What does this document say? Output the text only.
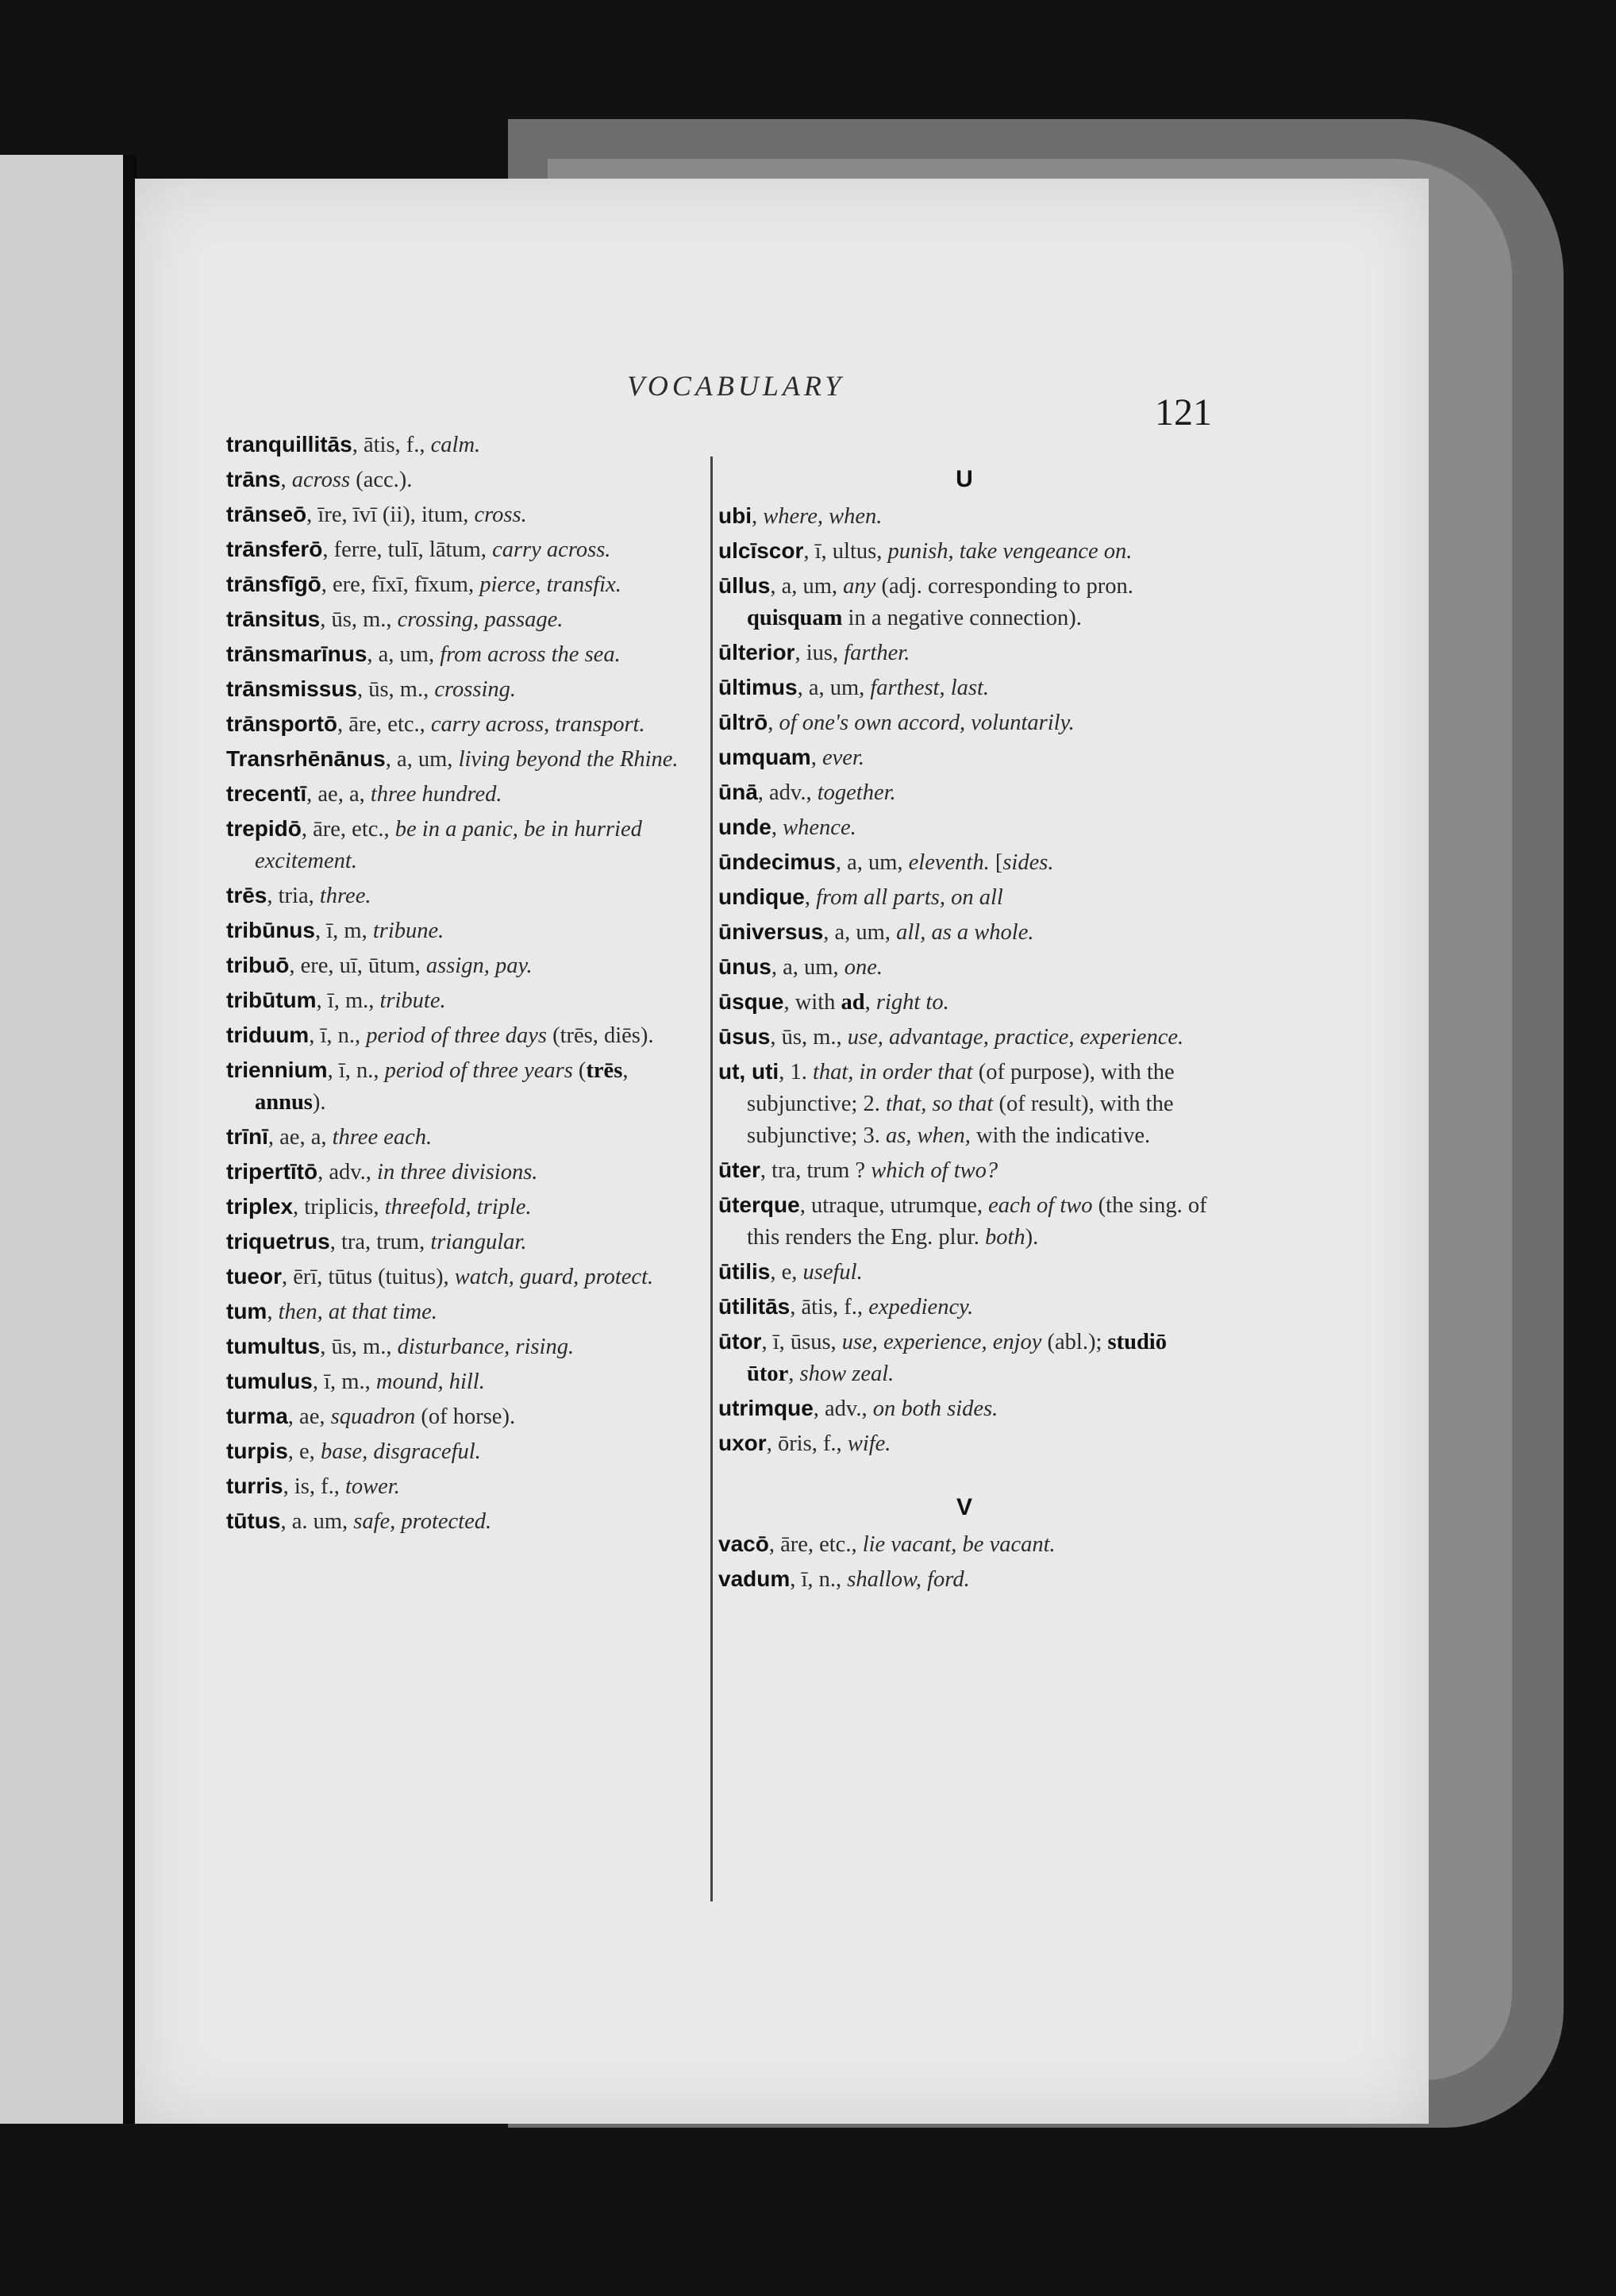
VOCABULARY
121
tranquillitās, ātis, f., calm.
trāns, across (acc.).
trānseō, īre, īvī (ii), itum, cross.
trānsferō, ferre, tulī, lātum, carry across.
trānsfīgō, ere, fīxī, fīxum, pierce, transfix.
trānsitus, ūs, m., crossing, passage.
trānsmarīnus, a, um, from across the sea.
trānsmissus, ūs, m., crossing.
trānsportō, āre, etc., carry across, transport.
Transrhēnānus, a, um, living beyond the Rhine.
trecentī, ae, a, three hundred.
trepidō, āre, etc., be in a panic, be in hurried excitement.
trēs, tria, three.
tribūnus, ī, m, tribune.
tribuō, ere, uī, ūtum, assign, pay.
tribūtum, ī, m., tribute.
triduum, ī, n., period of three days (trēs, diēs).
triennium, ī, n., period of three years (trēs, annus).
trīnī, ae, a, three each.
tripertītō, adv., in three divisions.
triplex, triplicis, threefold, triple.
triquetrus, tra, trum, triangular.
tueor, ērī, tūtus (tuitus), watch, guard, protect.
tum, then, at that time.
tumultus, ūs, m., disturbance, rising.
tumulus, ī, m., mound, hill.
turma, ae, squadron (of horse).
turpis, e, base, disgraceful.
turris, is, f., tower.
tūtus, a. um, safe, protected.
U
ubi, where, when.
ulcīscor, ī, ultus, punish, take vengeance on.
ūllus, a, um, any (adj. corresponding to pron. quisquam in a negative connection).
ūlterior, ius, farther.
ūltimus, a, um, farthest, last.
ūltrō, of one's own accord, voluntarily.
umquam, ever.
ūnā, adv., together.
unde, whence.
ūndecimus, a, um, eleventh. [sides.
undique, from all parts, on all
ūniversus, a, um, all, as a whole.
ūnus, a, um, one.
ūsque, with ad, right to.
ūsus, ūs, m., use, advantage, practice, experience.
ut, uti, 1. that, in order that (of purpose), with the subjunctive; 2. that, so that (of result), with the subjunctive; 3. as, when, with the indicative.
ūter, tra, trum ? which of two?
ūterque, utraque, utrumque, each of two (the sing. of this renders the Eng. plur. both).
ūtilis, e, useful.
ūtilitās, ātis, f., expediency.
ūtor, ī, ūsus, use, experience, enjoy (abl.); studiō ūtor, show zeal.
utrimque, adv., on both sides.
uxor, ōris, f., wife.
V
vacō, āre, etc., lie vacant, be vacant.
vadum, ī, n., shallow, ford.
